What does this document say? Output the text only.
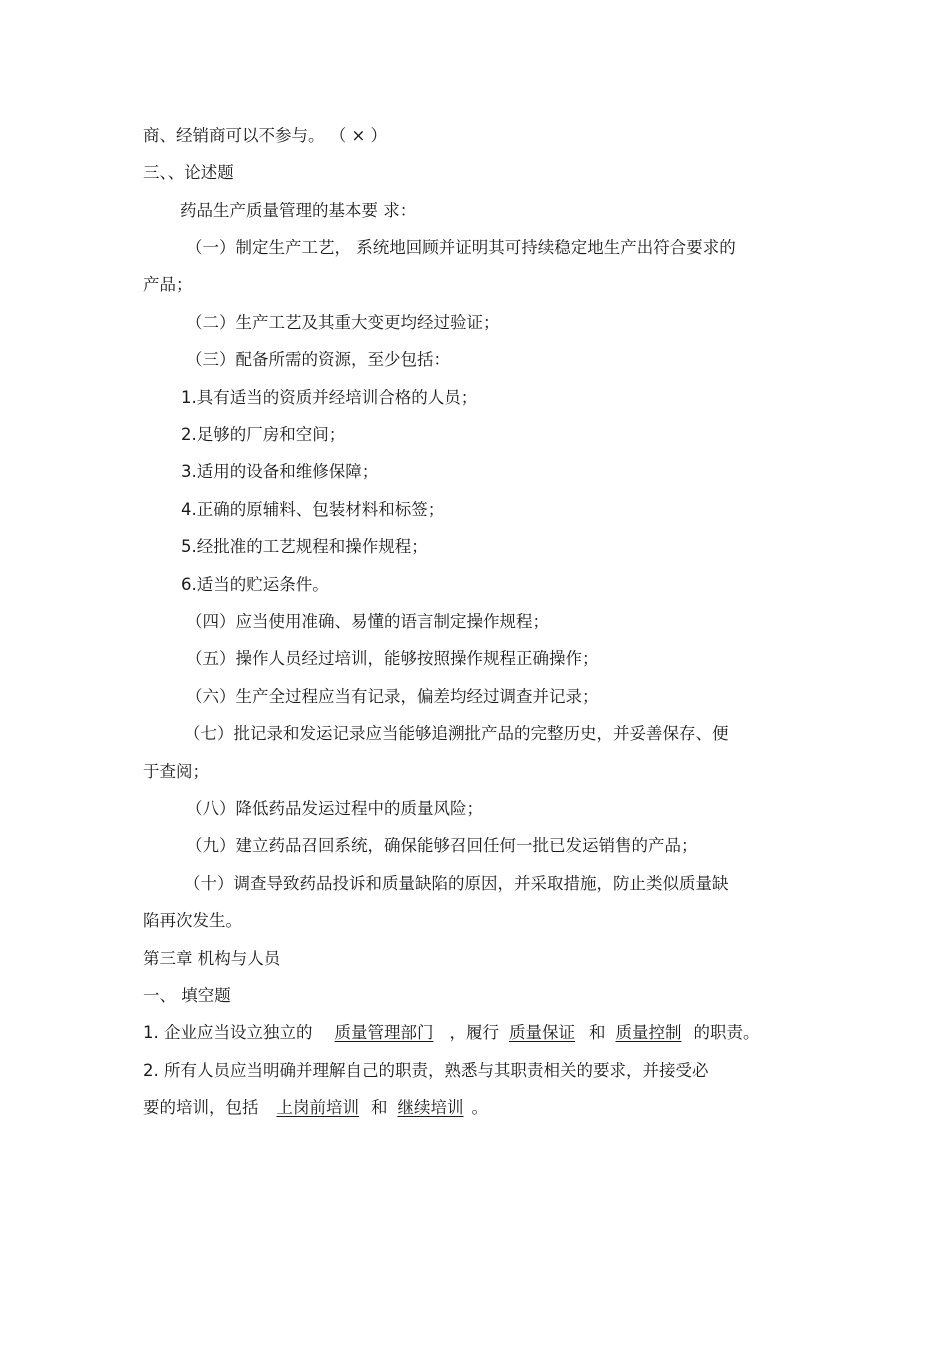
商、经销商可以不参与。 （ × ）
三、、论述题
药品生产质量管理的基本要 求：
（一）制定生产工艺， 系统地回顾并证明其可持续稳定地生产出符合要求的
产品；
（二）生产工艺及其重大变更均经过验证；
（三）配备所需的资源，至少包括：
1.具有适当的资质并经培训合格的人员；
2.足够的厂房和空间；
3.适用的设备和维修保障；
4.正确的原辅料、包装材料和标签；
5.经批准的工艺规程和操作规程；
6.适当的贮运条件。
（四）应当使用准确、易懂的语言制定操作规程；
（五）操作人员经过培训，能够按照操作规程正确操作；
（六）生产全过程应当有记录，偏差均经过调查并记录；
（七）批记录和发运记录应当能够追溯批产品的完整历史，并妥善保存、便
于查阅；
（八）降低药品发运过程中的质量风险；
（九）建立药品召回系统，确保能够召回任何一批已发运销售的产品；
（十）调查导致药品投诉和质量缺陷的原因，并采取措施，防止类似质量缺
陷再次发生。
第三章 机构与人员
一、 填空题
1. 企业应当设立独立的 质量管理部门 ，履行 质量保证 和 质量控制 的职责。
2. 所有人员应当明确并理解自己的职责，熟悉与其职责相关的要求，并接受必
要的培训，包括 上岗前培训 和 继续培训 。
